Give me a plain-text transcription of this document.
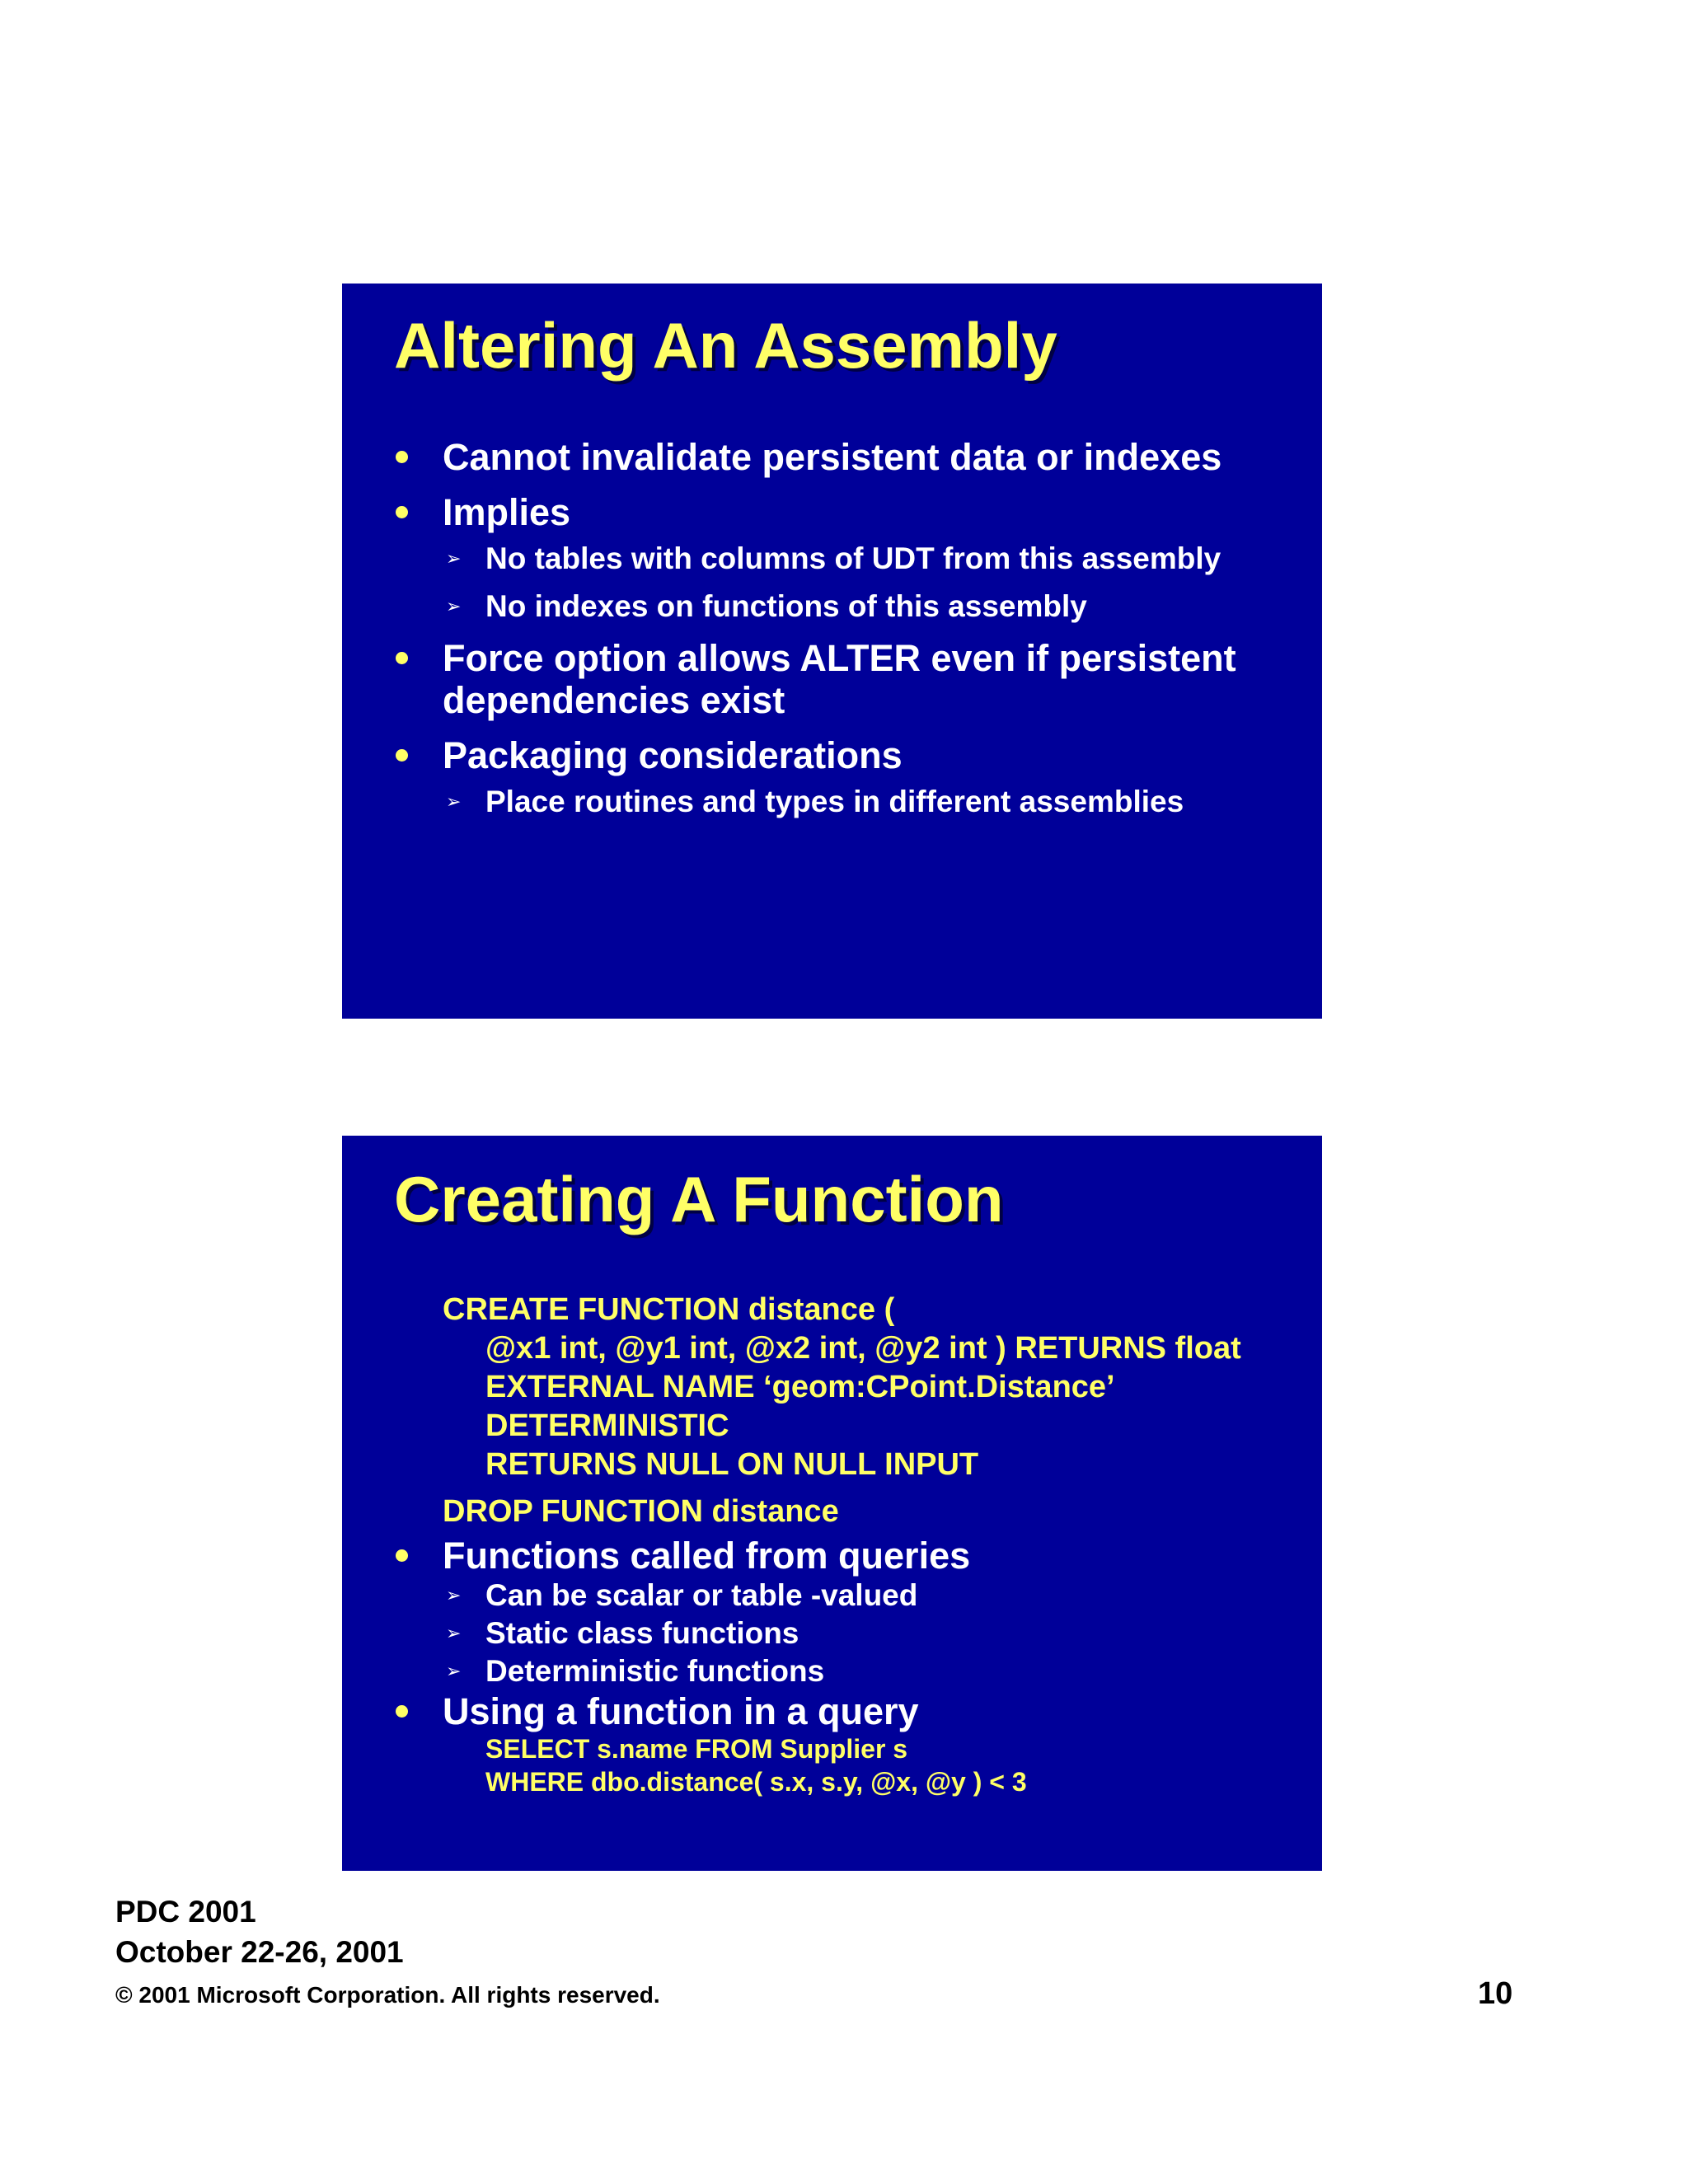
Altering An Assembly
Cannot invalidate persistent data or indexes
Implies
➢ No tables with columns of UDT from this assembly
➢ No indexes on functions of this assembly
Force option allows ALTER even if persistent
dependencies exist
Packaging considerations
➢ Place routines and types in different assemblies
Creating A Function
CREATE FUNCTION distance (
@x1 int, @y1 int, @x2 int, @y2 int ) RETURNS float
EXTERNAL NAME ‘geom:CPoint.Distance’
DETERMINISTIC
RETURNS NULL ON NULL INPUT
DROP FUNCTION distance
Functions called from queries
➢ Can be scalar or table -valued
➢ Static class functions
➢ Deterministic functions
Using a function in a query
SELECT s.name FROM Supplier s
WHERE dbo.distance( s.x, s.y, @x, @y ) < 3
PDC 2001
October 22-26, 2001
© 2001 Microsoft Corporation. All rights reserved.	10
